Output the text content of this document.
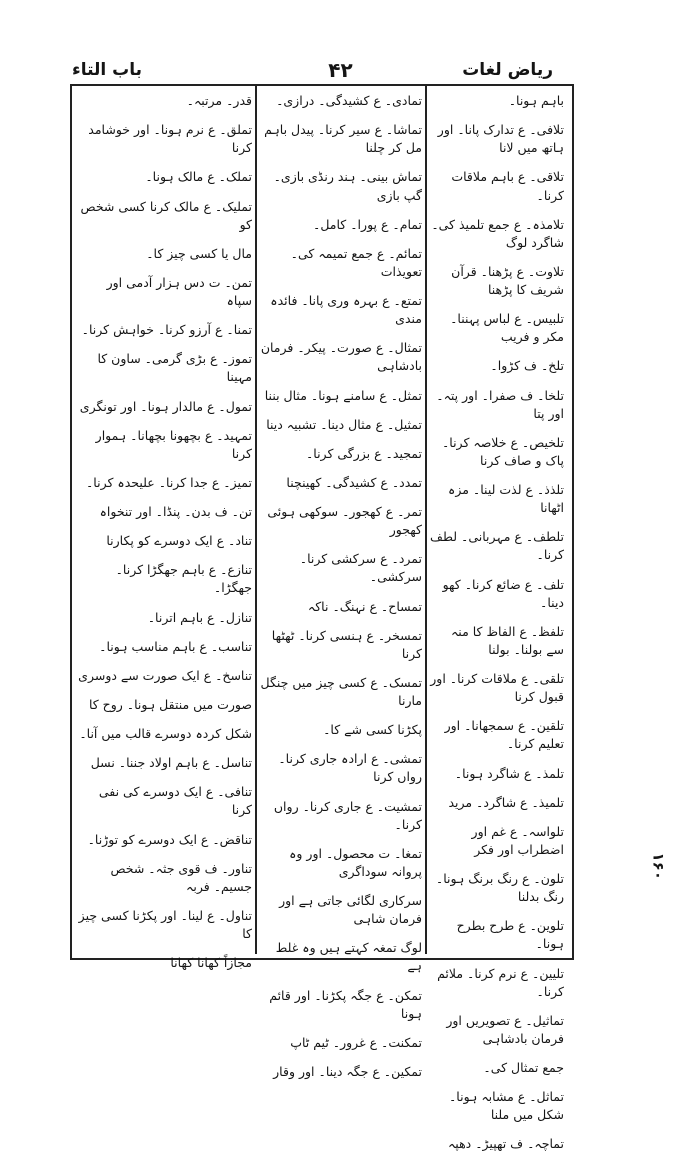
باب التاء	۴۲	ریاض لغات
باہم ہونا۔
تلافی۔ ع تدارک پانا۔ اور ہاتھ میں لانا
تلاقی۔ ع باہم ملاقات کرنا۔
تلامذہ۔ ع جمع تلمیذ کی۔ شاگرد لوگ
تلاوت۔ ع پڑھنا۔ قرآن شریف کا پڑھنا
تلبیس۔ ع لباس پہننا۔ مکر و فریب
تلخ۔ ف کڑوا۔
تلخا۔ ف صفرا۔ اور پتہ۔ اور پتا
تلخیص۔ ع خلاصہ کرنا۔ پاک و صاف کرنا
تلذذ۔ ع لذت لینا۔ مزہ اٹھانا
تلطف۔ ع مہربانی۔ لطف کرنا۔
تلف۔ ع ضائع کرنا۔ کھو دینا۔
تلفظ۔ ع الفاظ کا منہ سے بولنا۔ بولنا
تلقی۔ ع ملاقات کرنا۔ اور قبول کرنا
تلقین۔ ع سمجھانا۔ اور تعلیم کرنا۔
تلمذ۔ ع شاگرد ہونا۔
تلمیذ۔ ع شاگرد۔ مرید
تلواسہ۔ ع غم اور اضطراب اور فکر
تلون۔ ع رنگ برنگ ہونا۔ رنگ بدلنا
تلوین۔ ع طرح بطرح ہونا۔
تلیین۔ ع نرم کرنا۔ ملائم کرنا۔
تماثیل۔ ع تصویریں اور فرمان بادشاہی
جمع تمثال کی۔
تماثل۔ ع مشابہ ہونا۔ شکل میں ملنا
تماچہ۔ ف تھپیڑ۔ دھپہ
تمادی۔ ع کشیدگی۔ درازی۔
تماشا۔ ع سیر کرنا۔ پیدل باہم مل کر چلنا
تماش بینی۔ ہند رنڈی بازی۔ گپ بازی
تمام۔ ع پورا۔ کامل۔
تمائم۔ ع جمع تمیمہ کی۔ تعویذات
تمتع۔ ع بہرہ وری پانا۔ فائدہ مندی
تمثال۔ ع صورت۔ پیکر۔ فرمان بادشاہی
تمثل۔ ع سامنے ہونا۔ مثال بننا
تمثیل۔ ع مثال دینا۔ تشبیہ دینا
تمجید۔ ع بزرگی کرنا۔
تمدد۔ ع کشیدگی۔ کھینچنا
تمر۔ ع کھجور۔ سوکھی ہوئی کھجور
تمرد۔ ع سرکشی کرنا۔ سرکشی۔
تمساح۔ ع نہنگ۔ ناکہ
تمسخر۔ ع ہنسی کرنا۔ ٹھٹھا کرنا
تمسک۔ ع کسی چیز میں چنگل مارنا
پکڑنا کسی شے کا۔
تمشی۔ ع ارادہ جاری کرنا۔ رواں کرنا
تمشیت۔ ع جاری کرنا۔ رواں کرنا۔
تمغا۔ ت محصول۔ اور وہ پروانہ سوداگری
سرکاری لگائی جاتی ہے اور فرمان شاہی
لوگ تمغہ کہتے ہیں وہ غلط ہے
تمکن۔ ع جگہ پکڑنا۔ اور قائم ہونا
تمکنت۔ ع غرور۔ ٹیم ٹاپ
تمکین۔ ع جگہ دینا۔ اور وقار
قدر۔ مرتبہ۔
تملق۔ ع نرم ہونا۔ اور خوشامد کرنا
تملک۔ ع مالک ہونا۔
تملیک۔ ع مالک کرنا کسی شخص کو
مال یا کسی چیز کا۔
تمن۔ ت دس ہزار آدمی اور سپاہ
تمنا۔ ع آرزو کرنا۔ خواہش کرنا۔
تموز۔ ع بڑی گرمی۔ ساون کا مہینا
تمول۔ ع مالدار ہونا۔ اور تونگری
تمہید۔ ع بچھونا بچھانا۔ ہموار کرنا
تمیز۔ ع جدا کرنا۔ علیحدہ کرنا۔
تن۔ ف بدن۔ پنڈا۔ اور تنخواہ
تناد۔ ع ایک دوسرے کو پکارنا
تنازع۔ ع باہم جھگڑا کرنا۔ جھگڑا۔
تنازل۔ ع باہم اترنا۔
تناسب۔ ع باہم مناسب ہونا۔
تناسخ۔ ع ایک صورت سے دوسری
صورت میں منتقل ہونا۔ روح کا
شکل کردہ دوسرے قالب میں آنا۔
تناسل۔ ع باہم اولاد جننا۔ نسل
تنافی۔ ع ایک دوسرے کی نفی کرنا
تناقض۔ ع ایک دوسرے کو توڑنا۔
تناور۔ ف قوی جثہ۔ شخص جسیم۔ فربہ
تناول۔ ع لینا۔ اور پکڑنا کسی چیز کا
مجازاً کھانا کھانا
۱۶۰
